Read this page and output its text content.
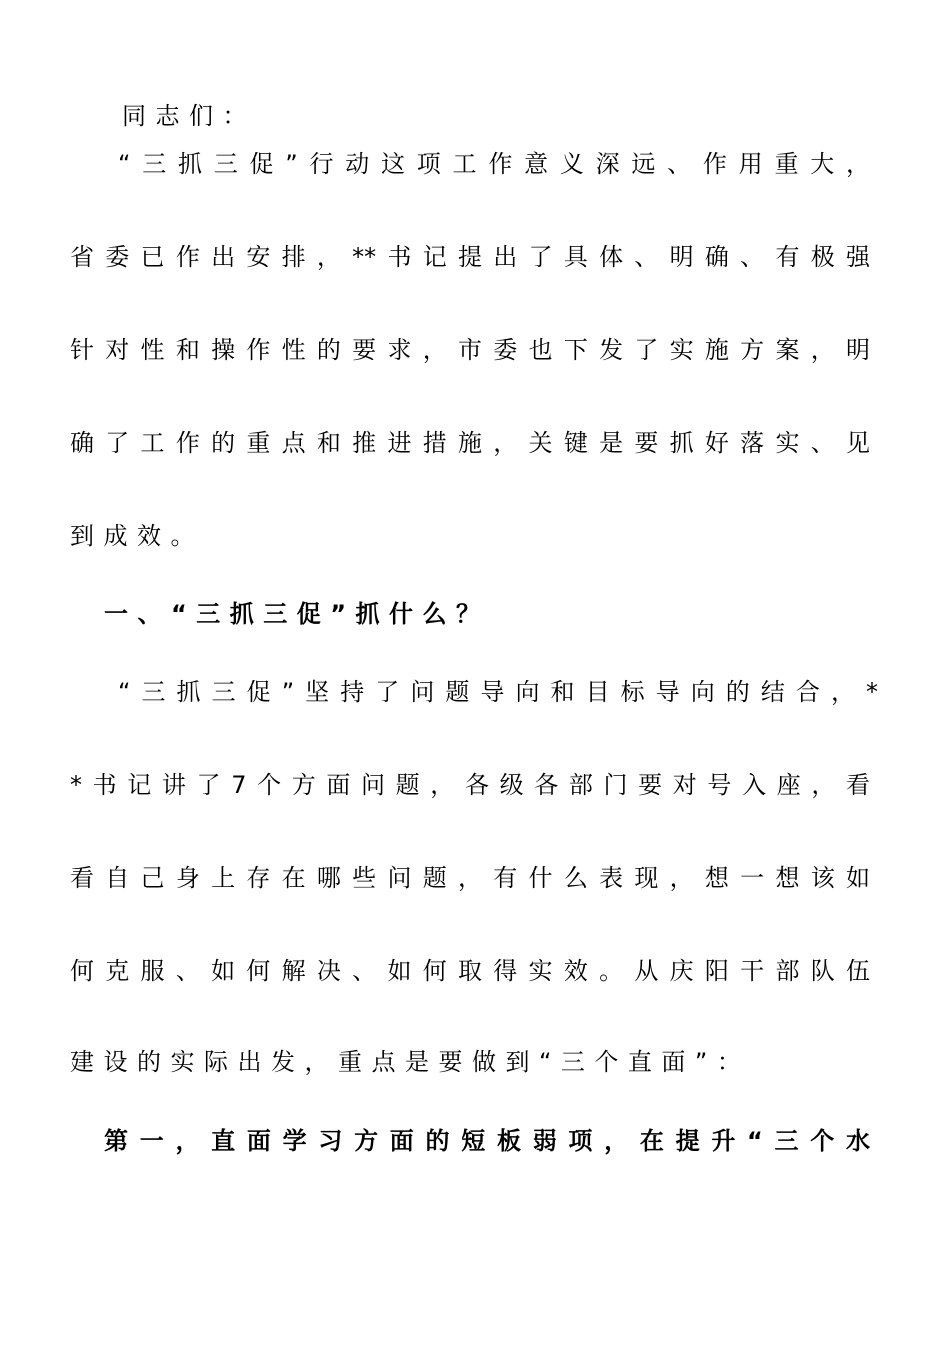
同志们：
“三抓三促”行动这项工作意义深远、作用重大，
省委已作出安排，**书记提出了具体、明确、有极强
针对性和操作性的要求，市委也下发了实施方案，明
确了工作的重点和推进措施，关键是要抓好落实、见
到成效。
一、“三抓三促”抓什么？
“三抓三促”坚持了问题导向和目标导向的结合，*
*书记讲了7个方面问题，各级各部门要对号入座，看
看自己身上存在哪些问题，有什么表现，想一想该如
何克服、如何解决、如何取得实效。从庆阳干部队伍
建设的实际出发，重点是要做到“三个直面”：
第一，直面学习方面的短板弱项，在提升“三个水
